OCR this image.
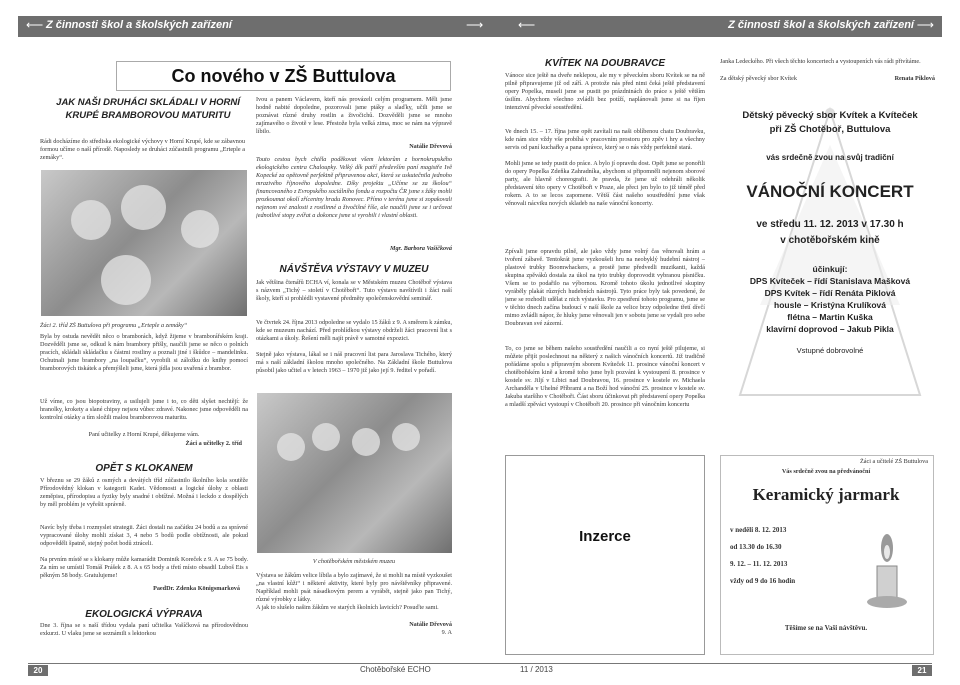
⟵ Z činnosti škol a školských zařízení	⟶	⟵	Z činnosti škol a školských zařízení ⟶
Co nového v ZŠ Buttulova
JAK NAŠI DRUHÁCI SKLÁDALI V HORNÍ KRUPÉ BRAMBOROVOU MATURITU
Rádi docházíme do střediska ekologické výchovy v Horní Krupé, kde se zábavnou formou učíme o naší přírodě. Naposledy se druháci zúčastnili programu „Erteple a zemáky“.
Žáci 2. tříd ZŠ Buttulova při programu „Erteple a zemáky“
Byla by ostuda nevědět něco o bramborách, když žijeme v bramborářském kraji. Dozvěděli jsme se, odkud k nám brambory přišly, naučili jsme se něco o polních pracích, skládali skládačku s částmi rostliny a poznali jiné i škůdce – mandelinku. Ochutnali jsme brambory „na loupačku“, vyrobili si záložku do knihy pomocí bramborových tiskátek a přemýšleli jsme, která jídla jsou uvařená z brambor.
Už víme, co jsou biopotraviny, a usilujeli jsme i to, co děti slyšet nechtějí: že hranolky, krokety a slané chipsy nejsou vůbec zdravé. Nakonec jsme odpověděli na kontrolní otázky a tím složili malou bramborovou maturitu.
Paní učitelky z Horní Krupé, děkujeme vám.
Žáci a učitelky 2. tříd
OPĚT S KLOKANEM
V březnu se 29 žáků z osmých a devátých tříd zúčastnilo školního kola soutěže Přírodovědný klokan v kategorii Kadet. Vědomosti a logické úlohy z oblasti zeměpisu, přírodopisu a fyziky byly snadné i obtížné. Možná i leckdo z dospělých by měl problém je vyřešit správně.
Navíc byly třeba i rozmyslet strategii. Žáci dostali na začátku 24 bodů a za správné vypracované úlohy mohli získat 3, 4 nebo 5 bodů podle obtížnosti, ale pokud odpověděli špatně, stejný počet bodů ztráceli.
Na prvním místě se s klokany může kamarádit Dominik Koreček z 9. A se 75 body. Za ním se umístil Tomáš Prášek z 8. A s 65 body a třetí místo obsadil Luboš Eis s pěkným 58 body. Gratulujeme!
PaedDr. Zdenka Königsmarková
EKOLOGICKÁ VÝPRAVA
Dne 3. října se s naší třídou vydala paní učitelka Vašíčková na přírodovědnou exkurzi. U vlaku jsme se seznámili s lektorkou
Ivou a panem Václavem, kteří nás provázeli celým programem. Měli jsme hodně nabité dopoledne, pozorovali jsme ptáky a slaďky, učili jsme se poznávat různé druhy rostlin a živočichů. Dozvěděli jsme se mnoho zajímavého o životě v lese. Přestože byla velká zima, moc se nám na výpravě líbilo.
Natálie Dřevová
Touto cestou bych chtěla poděkovat všem lektorům z hornokrupského ekologického centra Chaloupky. Velký dík patří především paní magistře Ivě Kopecké za opětovně perfektně připravenou akci, která se uskutečnila jednoho mrazivého říjnového dopoledne. Díky projektu „Učíme se za školou“ financovaného z Evropského sociálního fondu a rozpočtu ČR jsme s žáky mohli prozkoumat okolí zříceniny hradu Ronovec. Přímo v terénu jsme si zopakovali nejenom své znalosti z rostlinné a živočišné říše, ale naučili jsme se i určovat jednotlivé stopy zvířat a dokonce jsme si vyrobili i vlastní oblasti.
Mgr. Barbora Vašíčková
NÁVŠTĚVA VÝSTAVY V MUZEU
Jak většina čtenářů ECHA ví, konala se v Městském muzeu Chotěboř výstava s názvem „Tichý – století v Chotěboři“. Tuto výstavu navštívili i žáci naší školy, kteří si prohlédli vystavené předměty společenskovědní seminář.
Ve čtvrtek 24. října 2013 odpoledne se vydalo 15 žáků z 9. A směrem k zámku, kde se muzeum nachází. Před prohlídkou výstavy obdrželi žáci pracovní list s otázkami a úkoly. Řešení měli najít právě v samotné expozici.
Stejně jako výstava, lákal se i náš pracovní list para Jaroslava Tichého, který má s naší základní školou mnoho společného. Na Základní škole Buttulova působil jako učitel a v letech 1963 – 1970 již jako její 9. ředitel v pořadí.
V chotěbořském městském muzeu
Výstava se žákům velice líbila a bylo zajímavé, že si mohli na místě vyzkoušet „na vlastní kůži“ i některé aktivity, které byly pro návštěvníky připravené. Například mohli psát násadkovým perem a vyrábět, stejně jako pan Tichý, různé výrobky z látky.
A jak to slušelo našim žákům ve starých školních lavicích? Posuďte sami.
Natálie Dřevová
9. A
KVÍTEK NA DOUBRAVCE
Vánoce sice ještě na dveře neklepou, ale my v pěveckém sboru Kvítek se na ně pilně připravujeme již od září. A protože nás před nimi čeká ještě představení opery Popelka, museli jsme se pustit po prázdninách do práce s ještě větším úsilím. Abychom všechno zvládli bez potíží, naplánovali jsme si na říjen intenzivní pěvecké soustředění.
Ve dnech 15. – 17. října jsme opět zavítali na naši oblíbenou chatu Doubravku, kde nám sice vždy vše probíhá v pracovním prostoru pro zpěv i hry a všechny servis od paní kuchařky a pana správce, který se o nás vždy perfektně stará.
Mohli jsme se tedy pustit do práce. A bylo jí opravdu dost. Opět jsme se ponořili do opery Popelka Zdeňka Zahradníka, abychom si připomněli nejenom sborové party, ale hlavně choreografii. Je pravda, že jsme už odehráli několik představení této opery v Chotěboři v Praze, ale přeci jen bylo to již téměř před rokem. A to se lecos zapomene. Větší část našeho soustředění jsme však věnovali nácviku nových skladeb na naše vánoční koncerty.
Zpívali jsme opravdu pilně, ale jako vždy jsme volný čas věnovali hrám a tvoření zábavě. Tentokrát jsme vyzkoušeli hru na neobyklý hudební nástroj – plastové trubky Boomwhackers, a prostě jsme předvedli muzikanti, každá skupina zpěváků dostala za úkol na tyto trubky doprovodit vybranou písničku. Všem se to podařilo na výbornou. Kromě tohoto úkolu jednotlivé skupiny vyráběly plakát různých hudebních nástrojů. Tyto práce byly tak povedené, že jsme se rozhodli udělat z nich výstavku. Pro zpestření tohoto programu, jsme se v těchto dnech začína budoucí v naší škole za velice brzy odpoledne třetí dívčí mimo zvládli nápor, že hluky jsme věnovali jen v sobotu jsme se vydali pro sebe Doubravan své zázemí.
To, co jsme se během našeho soustředění naučili a co nyní ještě pilujeme, si můžete přijít poslechnout na některý z našich vánočních koncertů. Již tradičně pořádáme spolu s přípravným sborem Kvíteček 11. prosince vánoční koncert v chotěbořském kině a kromě toho jsme byli pozváni k vystoupení 8. prosince v kostele sv. Jiljí v Libici nad Doubravou, 16. prosince v kostele sv. Michaela Archanděla v Uhelné Příbrami a na Boží hod vánoční 25. prosince v kostele sv. Jakuba staršího v Chotěboři. Část sboru účinkovat při představení opery Popelka a mladší zpěváci vystoupí v Chotěboři 20. prosince při vánočním koncertu
Inzerce
Janka Ledeckého. Při všech těchto koncertech a vystoupeních vás rádi přivítáme.
Za dětský pěvecký sbor Kvítek	Renata Piklová
Dětský pěvecký sbor Kvítek a Kvíteček
při ZŠ Chotěboř, Buttulova
vás srdečně zvou na svůj tradiční
VÁNOČNÍ KONCERT
ve středu 11. 12. 2013 v 17.30 h
v chotěbořském kině
účinkují:
DPS Kvíteček – řídí Stanislava Mašková
DPS Kvítek – řídí Renáta Piklová
housle – Kristýna Krulíková
flétna – Martin Kuška
klavírní doprovod – Jakub Pikla
Vstupné dobrovolné
Žáci a učitelé ZŠ Buttulova
Vás srdečně zvou na předvánoční
Keramický jarmark
v neděli 8. 12. 2013
od 13.30 do 16.30
9. 12. – 11. 12. 2013
vždy od 9 do 16 hodin
Těšíme se na Vaši návštěvu.
20	Chotěbořské ECHO	11 / 2013	21
